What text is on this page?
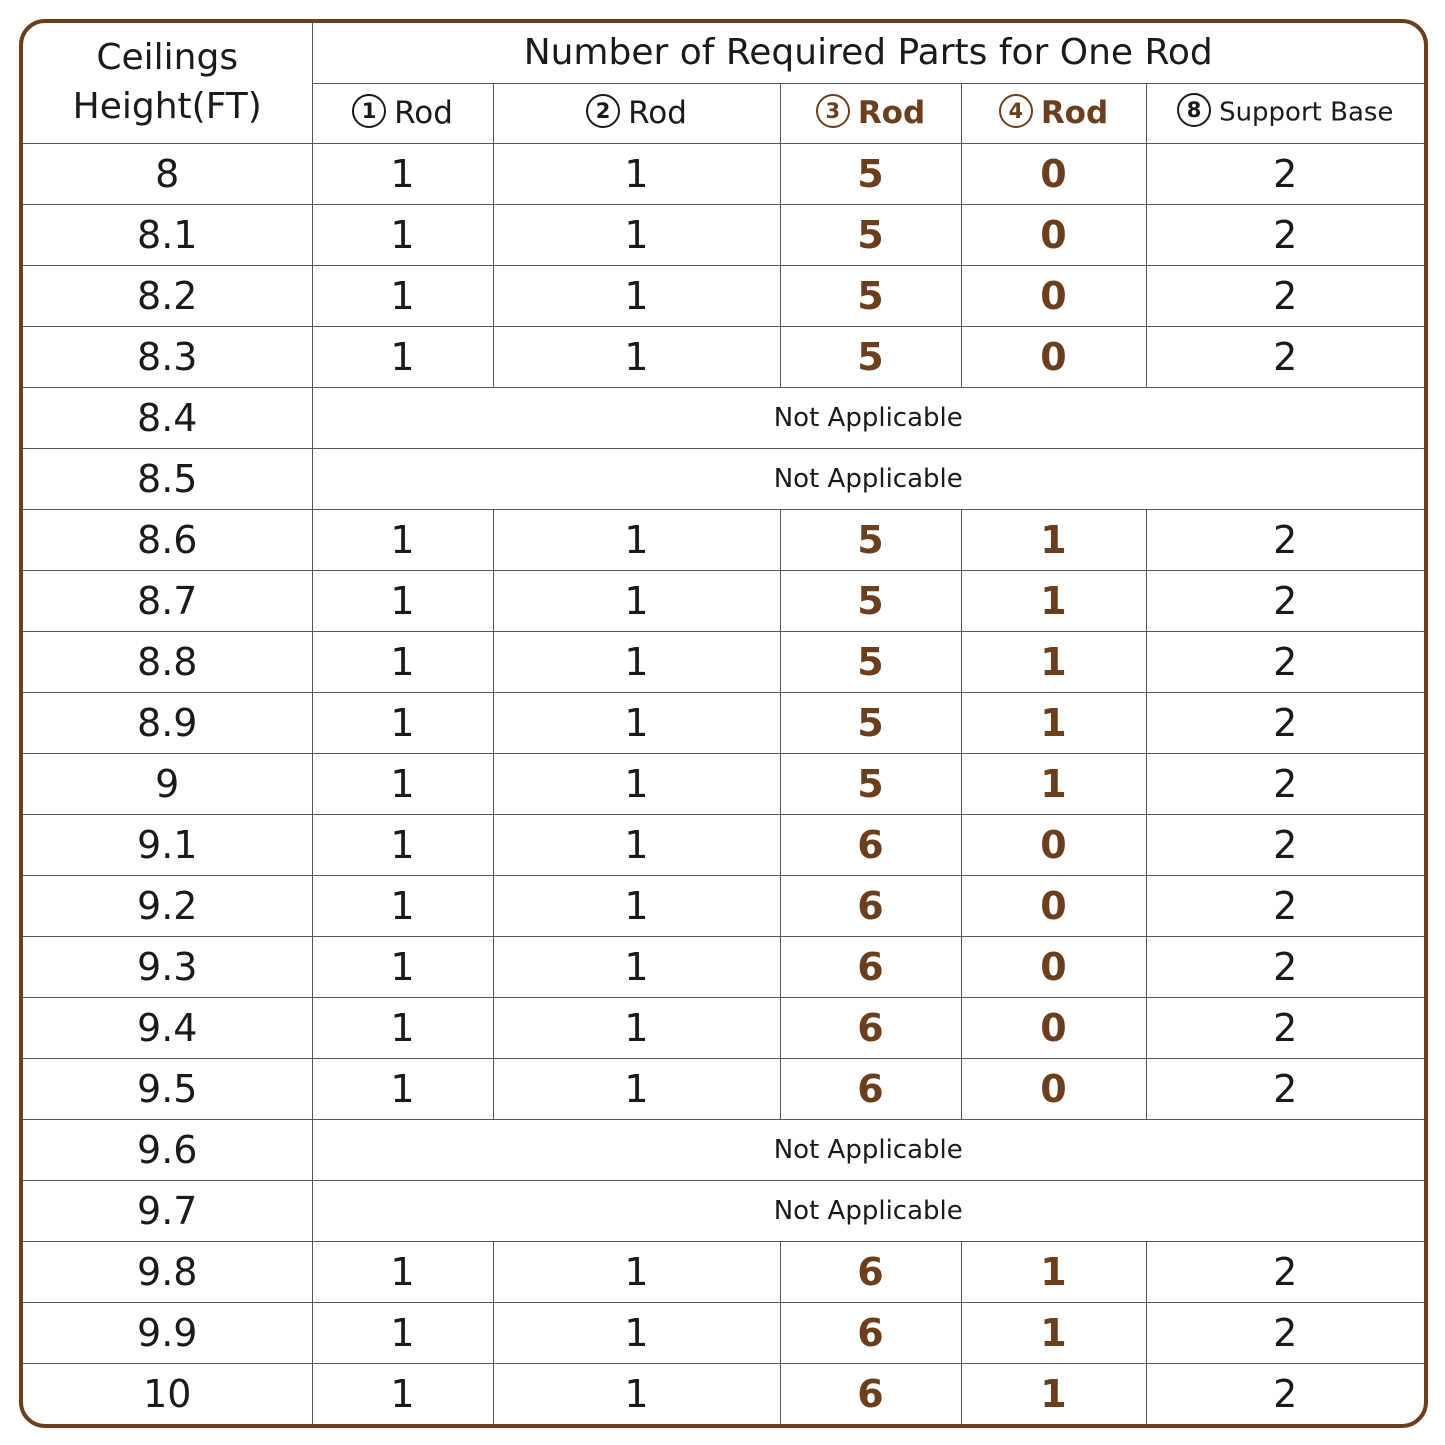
Ceilings
Height(FT)	Number of Required Parts for One Rod				
	1 Rod	2 Rod	3 Rod	4 Rod	8 Support Base
8	1	1	5	0	2
8.1	1	1	5	0	2
8.2	1	1	5	0	2
8.3	1	1	5	0	2
8.4	Not Applicable				
8.5	Not Applicable				
8.6	1	1	5	1	2
8.7	1	1	5	1	2
8.8	1	1	5	1	2
8.9	1	1	5	1	2
9	1	1	5	1	2
9.1	1	1	6	0	2
9.2	1	1	6	0	2
9.3	1	1	6	0	2
9.4	1	1	6	0	2
9.5	1	1	6	0	2
9.6	Not Applicable				
9.7	Not Applicable				
9.8	1	1	6	1	2
9.9	1	1	6	1	2
10	1	1	6	1	2
